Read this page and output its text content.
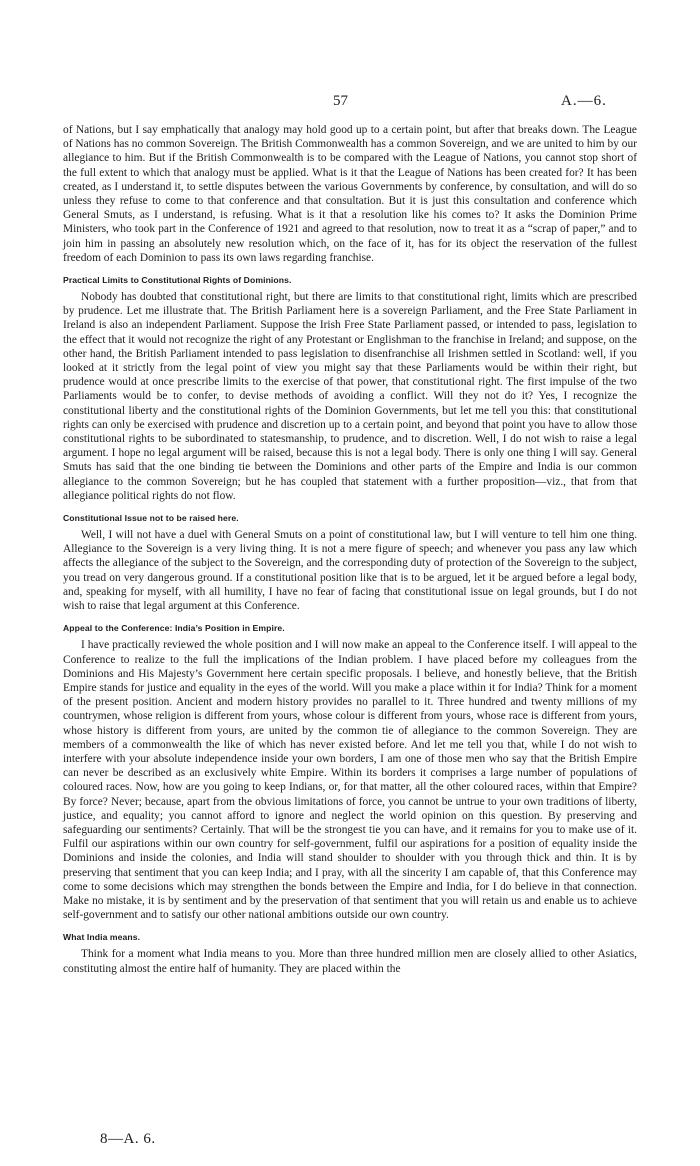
57	A.—6.

of Nations, but I say emphatically that analogy may hold good up to a certain point, but after that breaks down. The League of Nations has no common Sovereign. The British Commonwealth has a common Sovereign, and we are united to him by our allegiance to him. But if the British Commonwealth is to be compared with the League of Nations, you cannot stop short of the full extent to which that analogy must be applied. What is it that the League of Nations has been created for? It has been created, as I understand it, to settle disputes between the various Governments by conference, by consultation, and will do so unless they refuse to come to that conference and that consultation. But it is just this consultation and conference which General Smuts, as I understand, is refusing. What is it that a resolution like his comes to? It asks the Dominion Prime Ministers, who took part in the Conference of 1921 and agreed to that resolution, now to treat it as a “scrap of paper,” and to join him in passing an absolutely new resolution which, on the face of it, has for its object the reservation of the fullest freedom of each Dominion to pass its own laws regarding franchise.

Practical Limits to Constitutional Rights of Dominions.

Nobody has doubted that constitutional right, but there are limits to that constitutional right, limits which are prescribed by prudence. Let me illustrate that. The British Parliament here is a sovereign Parliament, and the Free State Parliament in Ireland is also an independent Parliament. Suppose the Irish Free State Parliament passed, or intended to pass, legislation to the effect that it would not recognize the right of any Protestant or Englishman to the franchise in Ireland; and suppose, on the other hand, the British Parliament intended to pass legislation to disenfranchise all Irishmen settled in Scotland: well, if you looked at it strictly from the legal point of view you might say that these Parliaments would be within their right, but prudence would at once prescribe limits to the exercise of that power, that constitutional right. The first impulse of the two Parliaments would be to confer, to devise methods of avoiding a conflict. Will they not do it? Yes, I recognize the constitutional liberty and the constitutional rights of the Dominion Governments, but let me tell you this: that constitutional rights can only be exercised with prudence and discretion up to a certain point, and beyond that point you have to allow those constitutional rights to be subordinated to statesmanship, to prudence, and to discretion. Well, I do not wish to raise a legal argument. I hope no legal argument will be raised, because this is not a legal body. There is only one thing I will say. General Smuts has said that the one binding tie between the Dominions and other parts of the Empire and India is our common allegiance to the common Sovereign; but he has coupled that statement with a further proposition—viz., that from that allegiance political rights do not flow.

Constitutional Issue not to be raised here.

Well, I will not have a duel with General Smuts on a point of constitutional law, but I will venture to tell him one thing. Allegiance to the Sovereign is a very living thing. It is not a mere figure of speech; and whenever you pass any law which affects the allegiance of the subject to the Sovereign, and the corresponding duty of protection of the Sovereign to the subject, you tread on very dangerous ground. If a constitutional position like that is to be argued, let it be argued before a legal body, and, speaking for myself, with all humility, I have no fear of facing that constitutional issue on legal grounds, but I do not wish to raise that legal argument at this Conference.

Appeal to the Conference: India’s Position in Empire.

I have practically reviewed the whole position and I will now make an appeal to the Conference itself. I will appeal to the Conference to realize to the full the implications of the Indian problem. I have placed before my colleagues from the Dominions and His Majesty’s Government here certain specific proposals. I believe, and honestly believe, that the British Empire stands for justice and equality in the eyes of the world. Will you make a place within it for India? Think for a moment of the present position. Ancient and modern history provides no parallel to it. Three hundred and twenty millions of my countrymen, whose religion is different from yours, whose colour is different from yours, whose race is different from yours, whose history is different from yours, are united by the common tie of allegiance to the common Sovereign. They are members of a commonwealth the like of which has never existed before. And let me tell you that, while I do not wish to interfere with your absolute independence inside your own borders, I am one of those men who say that the British Empire can never be described as an exclusively white Empire. Within its borders it comprises a large number of populations of coloured races. Now, how are you going to keep Indians, or, for that matter, all the other coloured races, within that Empire? By force? Never; because, apart from the obvious limitations of force, you cannot be untrue to your own traditions of liberty, justice, and equality; you cannot afford to ignore and neglect the world opinion on this question. By preserving and safeguarding our sentiments? Certainly. That will be the strongest tie you can have, and it remains for you to make use of it. Fulfil our aspirations within our own country for self-government, fulfil our aspirations for a position of equality inside the Dominions and inside the colonies, and India will stand shoulder to shoulder with you through thick and thin. It is by preserving that sentiment that you can keep India; and I pray, with all the sincerity I am capable of, that this Conference may come to some decisions which may strengthen the bonds between the Empire and India, for I do believe in that connection. Make no mistake, it is by sentiment and by the preservation of that sentiment that you will retain us and enable us to achieve self-government and to satisfy our other national ambitions outside our own country.

What India means.

Think for a moment what India means to you. More than three hundred million men are closely allied to other Asiatics, constituting almost the entire half of humanity. They are placed within the

8—A. 6.
